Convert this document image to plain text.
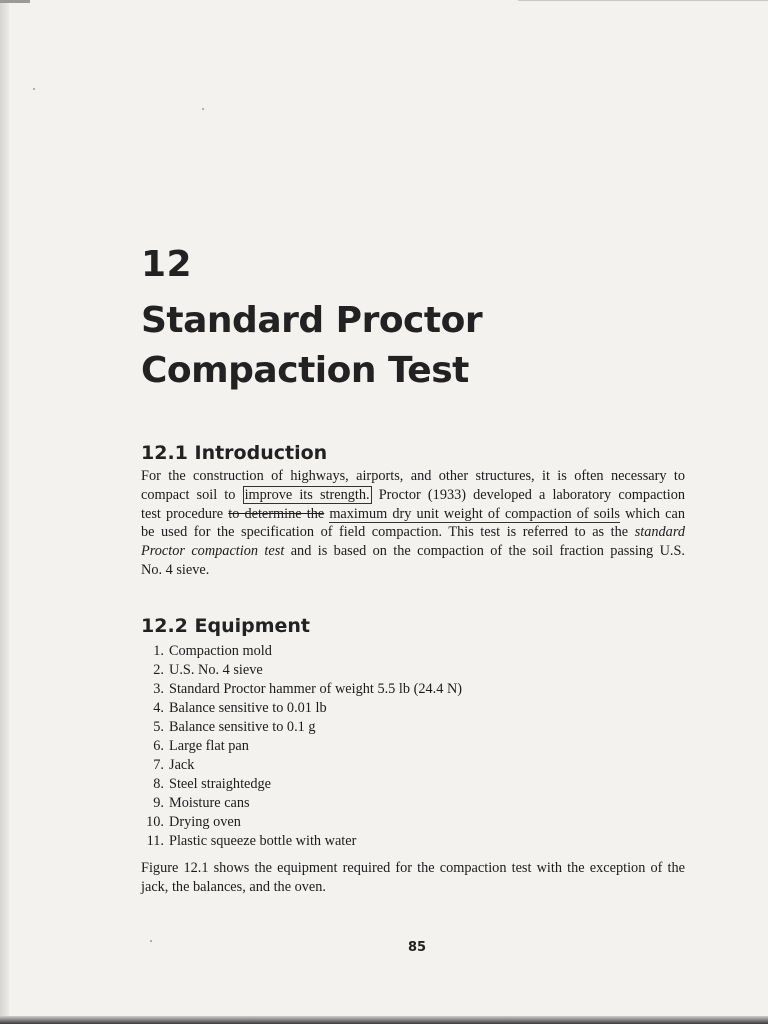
12
Standard Proctor
Compaction Test
12.1 Introduction

For the construction of highways, airports, and other structures, it is often necessary to
compact soil to improve its strength. Proctor (1933) developed a laboratory compaction
test procedure to determine the maximum dry unit weight of compaction of soils which can
be used for the specification of field compaction. This test is referred to as the standard
Proctor compaction test and is based on the compaction of the soil fraction passing U.S.
No. 4 sieve.

12.2 Equipment
1. Compaction mold
2. U.S. No. 4 sieve
3. Standard Proctor hammer of weight 5.5 lb (24.4 N)
4. Balance sensitive to 0.01 lb
5. Balance sensitive to 0.1 g
6. Large flat pan
7. Jack
8. Steel straightedge
9. Moisture cans
10. Drying oven
11. Plastic squeeze bottle with water

Figure 12.1 shows the equipment required for the compaction test with the exception of the
jack, the balances, and the oven.

85
